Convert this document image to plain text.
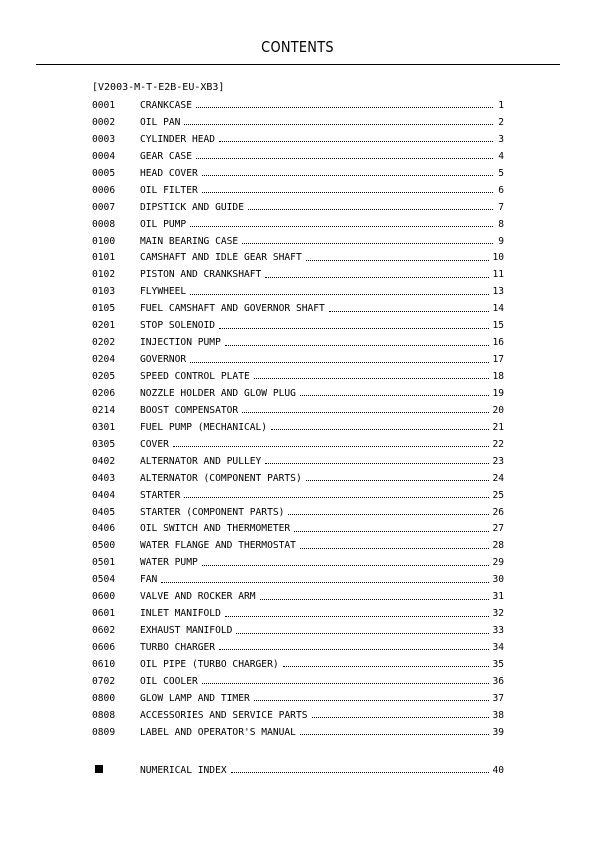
CONTENTS
[V2003-M-T-E2B-EU-XB3]
0001	CRANKCASE	1
0002	OIL PAN	2
0003	CYLINDER HEAD	3
0004	GEAR CASE	4
0005	HEAD COVER	5
0006	OIL FILTER	6
0007	DIPSTICK AND GUIDE	7
0008	OIL PUMP	8
0100	MAIN BEARING CASE	9
0101	CAMSHAFT AND IDLE GEAR SHAFT	10
0102	PISTON AND CRANKSHAFT	11
0103	FLYWHEEL	13
0105	FUEL CAMSHAFT AND GOVERNOR SHAFT	14
0201	STOP SOLENOID	15
0202	INJECTION PUMP	16
0204	GOVERNOR	17
0205	SPEED CONTROL PLATE	18
0206	NOZZLE HOLDER AND GLOW PLUG	19
0214	BOOST COMPENSATOR	20
0301	FUEL PUMP (MECHANICAL)	21
0305	COVER	22
0402	ALTERNATOR AND PULLEY	23
0403	ALTERNATOR (COMPONENT PARTS)	24
0404	STARTER	25
0405	STARTER (COMPONENT PARTS)	26
0406	OIL SWITCH AND THERMOMETER	27
0500	WATER FLANGE AND THERMOSTAT	28
0501	WATER PUMP	29
0504	FAN	30
0600	VALVE AND ROCKER ARM	31
0601	INLET MANIFOLD	32
0602	EXHAUST MANIFOLD	33
0606	TURBO CHARGER	34
0610	OIL PIPE (TURBO CHARGER)	35
0702	OIL COOLER	36
0800	GLOW LAMP AND TIMER	37
0808	ACCESSORIES AND SERVICE PARTS	38
0809	LABEL AND OPERATOR'S MANUAL	39
NUMERICAL INDEX	40
